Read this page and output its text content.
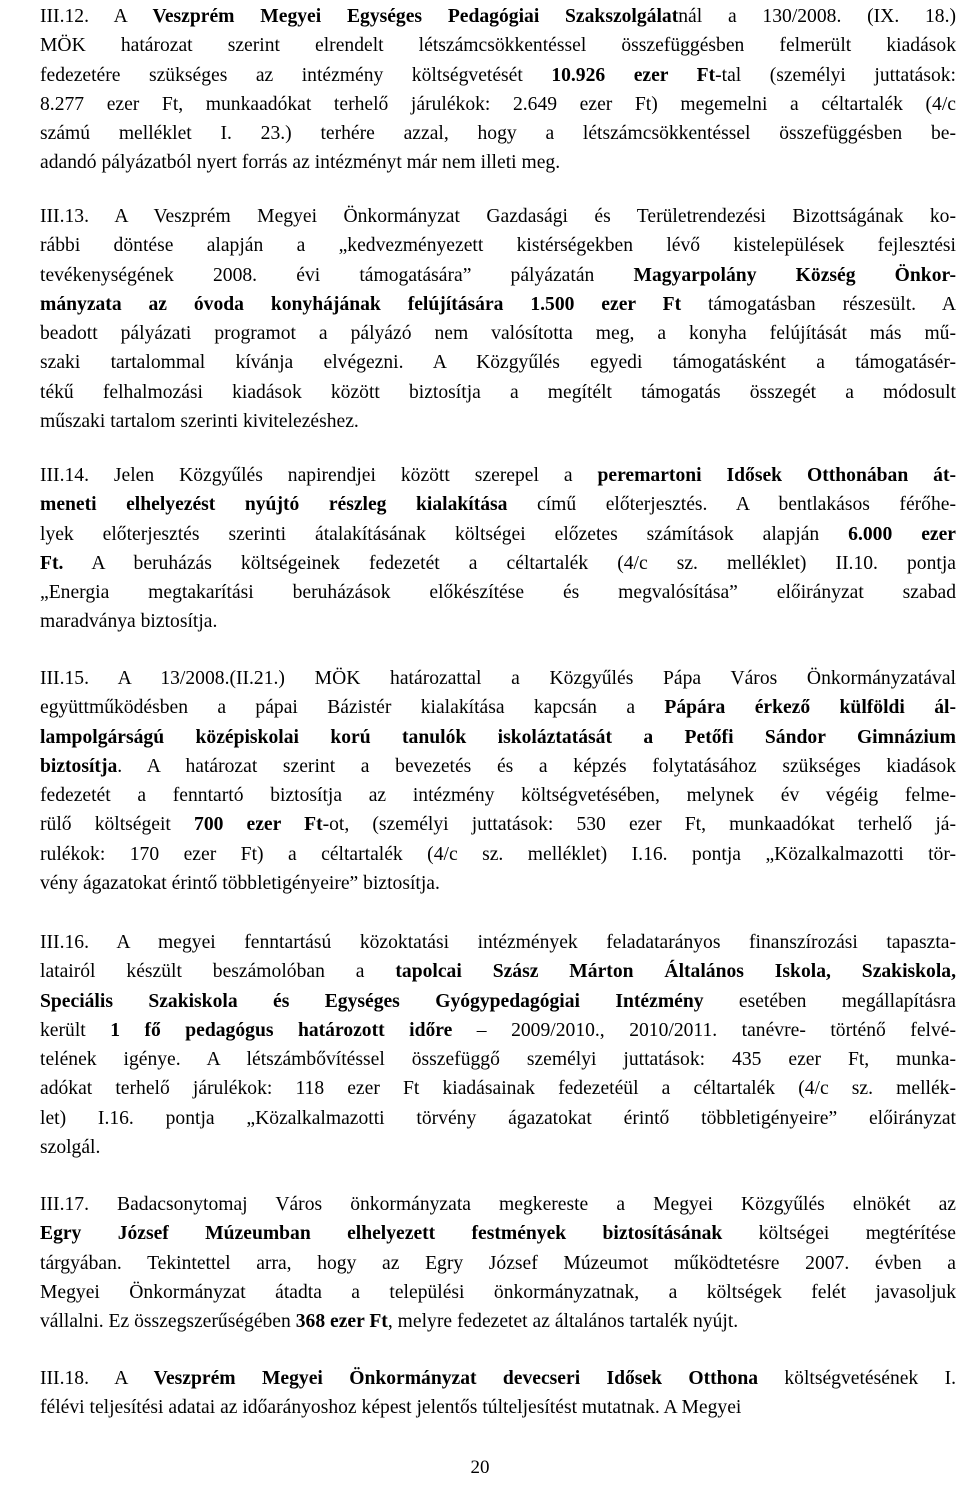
III.12. A Veszprém Megyei Egységes Pedagógiai Szakszolgálatnál a 130/2008. (IX. 18.)
MÖK határozat szerint elrendelt létszámcsökkentéssel összefüggésben felmerült kiadások
fedezetére szükséges az intézmény költségvetését 10.926 ezer Ft-tal (személyi juttatások:
8.277 ezer Ft, munkaadókat terhelő járulékok: 2.649 ezer Ft) megemelni a céltartalék (4/c
számú melléklet I. 23.) terhére azzal, hogy a létszámcsökkentéssel összefüggésben be-
adandó pályázatból nyert forrás az intézményt már nem illeti meg.
III.13. A Veszprém Megyei Önkormányzat Gazdasági és Területrendezési Bizottságának ko-
rábbi döntése alapján a „kedvezményezett kistérségekben lévő kistelepülések fejlesztési
tevékenységének 2008. évi támogatására” pályázatán Magyarpolány Község Önkor-
mányzata az óvoda konyhájának felújítására 1.500 ezer Ft támogatásban részesült. A
beadott pályázati programot a pályázó nem valósította meg, a konyha felújítását más mű-
szaki tartalommal kívánja elvégezni. A Közgyűlés egyedi támogatásként a támogatásér-
tékű felhalmozási kiadások között biztosítja a megítélt támogatás összegét a módosult
műszaki tartalom szerinti kivitelezéshez.
III.14. Jelen Közgyűlés napirendjei között szerepel a peremartoni Idősek Otthonában át-
meneti elhelyezést nyújtó részleg kialakítása című előterjesztés. A bentlakásos férőhe-
lyek előterjesztés szerinti átalakításának költségei előzetes számítások alapján 6.000 ezer
Ft. A beruházás költségeinek fedezetét a céltartalék (4/c sz. melléklet) II.10. pontja
„Energia megtakarítási beruházások előkészítése és megvalósítása” előirányzat szabad
maradványa biztosítja.
III.15. A 13/2008.(II.21.) MÖK határozattal a Közgyűlés Pápa Város Önkormányzatával
együttműködésben a pápai Bázistér kialakítása kapcsán a Pápára érkező külföldi ál-
lampolgárságú középiskolai korú tanulók iskoláztatását a Petőfi Sándor Gimnázium
biztosítja. A határozat szerint a bevezetés és a képzés folytatásához szükséges kiadások
fedezetét a fenntartó biztosítja az intézmény költségvetésében, melynek év végéig felme-
rülő költségeit 700 ezer Ft-ot, (személyi juttatások: 530 ezer Ft, munkaadókat terhelő já-
rulékok: 170 ezer Ft) a céltartalék (4/c sz. melléklet) I.16. pontja „Közalkalmazotti tör-
vény ágazatokat érintő többletigényeire” biztosítja.
III.16. A megyei fenntartású közoktatási intézmények feladatarányos finanszírozási tapaszta-
latairól készült beszámolóban a tapolcai Szász Márton Általános Iskola, Szakiskola,
Speciális Szakiskola és Egységes Gyógypedagógiai Intézmény esetében megállapításra
került 1 fő pedagógus határozott időre – 2009/2010., 2010/2011. tanévre- történő felvé-
telének igénye. A létszámbővítéssel összefüggő személyi juttatások: 435 ezer Ft, munka-
adókat terhelő járulékok: 118 ezer Ft kiadásainak fedezetéül a céltartalék (4/c sz. mellék-
let) I.16. pontja „Közalkalmazotti törvény ágazatokat érintő többletigényeire” előirányzat
szolgál.
III.17. Badacsonytomaj Város önkormányzata megkereste a Megyei Közgyűlés elnökét az
Egry József Múzeumban elhelyezett festmények biztosításának költségei megtérítése
tárgyában. Tekintettel arra, hogy az Egry József Múzeumot működtetésre 2007. évben a
Megyei Önkormányzat átadta a települési önkormányzatnak, a költségek felét javasoljuk
vállalni. Ez összegszerűségében 368 ezer Ft, melyre fedezetet az általános tartalék nyújt.
III.18. A Veszprém Megyei Önkormányzat devecseri Idősek Otthona költségvetésének I.
félévi teljesítési adatai az időarányoshoz képest jelentős túlteljesítést mutatnak. A Megyei
20
